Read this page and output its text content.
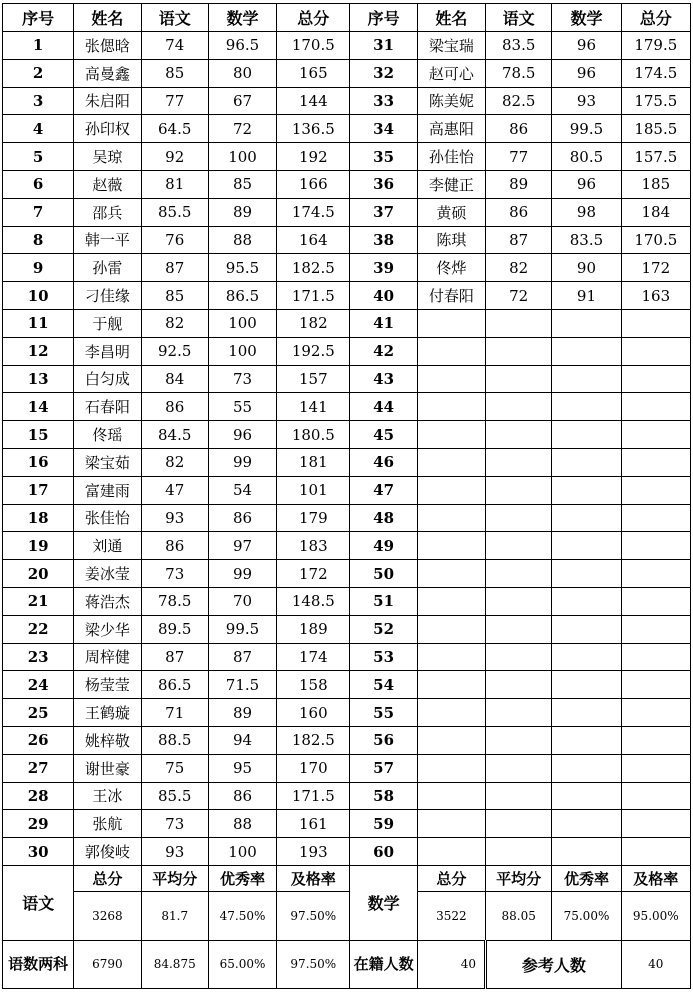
序号	姓名	语文	数学	总分	序号	姓名	语文	数学	总分
1	张偲晗	74	96.5	170.5	31	梁宝瑞	83.5	96	179.5
2	高曼鑫	85	80	165	32	赵可心	78.5	96	174.5
3	朱启阳	77	67	144	33	陈美妮	82.5	93	175.5
4	孙印权	64.5	72	136.5	34	高惠阳	86	99.5	185.5
5	吴琼	92	100	192	35	孙佳怡	77	80.5	157.5
6	赵薇	81	85	166	36	李健正	89	96	185
7	邵兵	85.5	89	174.5	37	黄硕	86	98	184
8	韩一平	76	88	164	38	陈琪	87	83.5	170.5
9	孙雷	87	95.5	182.5	39	佟烨	82	90	172
10	刁佳缘	85	86.5	171.5	40	付春阳	72	91	163
11	于舰	82	100	182	41				
12	李昌明	92.5	100	192.5	42				
13	白匀成	84	73	157	43				
14	石春阳	86	55	141	44				
15	佟瑶	84.5	96	180.5	45				
16	梁宝茹	82	99	181	46				
17	富建雨	47	54	101	47				
18	张佳怡	93	86	179	48				
19	刘通	86	97	183	49				
20	姜冰莹	73	99	172	50				
21	蒋浩杰	78.5	70	148.5	51				
22	梁少华	89.5	99.5	189	52				
23	周梓健	87	87	174	53				
24	杨莹莹	86.5	71.5	158	54				
25	王鹤璇	71	89	160	55				
26	姚梓敬	88.5	94	182.5	56				
27	谢世豪	75	95	170	57				
28	王冰	85.5	86	171.5	58				
29	张航	73	88	161	59				
30	郭俊岐	93	100	193	60				
语文	总分	平均分	优秀率	及格率	数学	总分	平均分	优秀率	及格率
	3268	81.7	47.50%	97.50%		3522	88.05	75.00%	95.00%
语数两科	6790	84.875	65.00%	97.50%	在籍人数	40	参考人数		40
